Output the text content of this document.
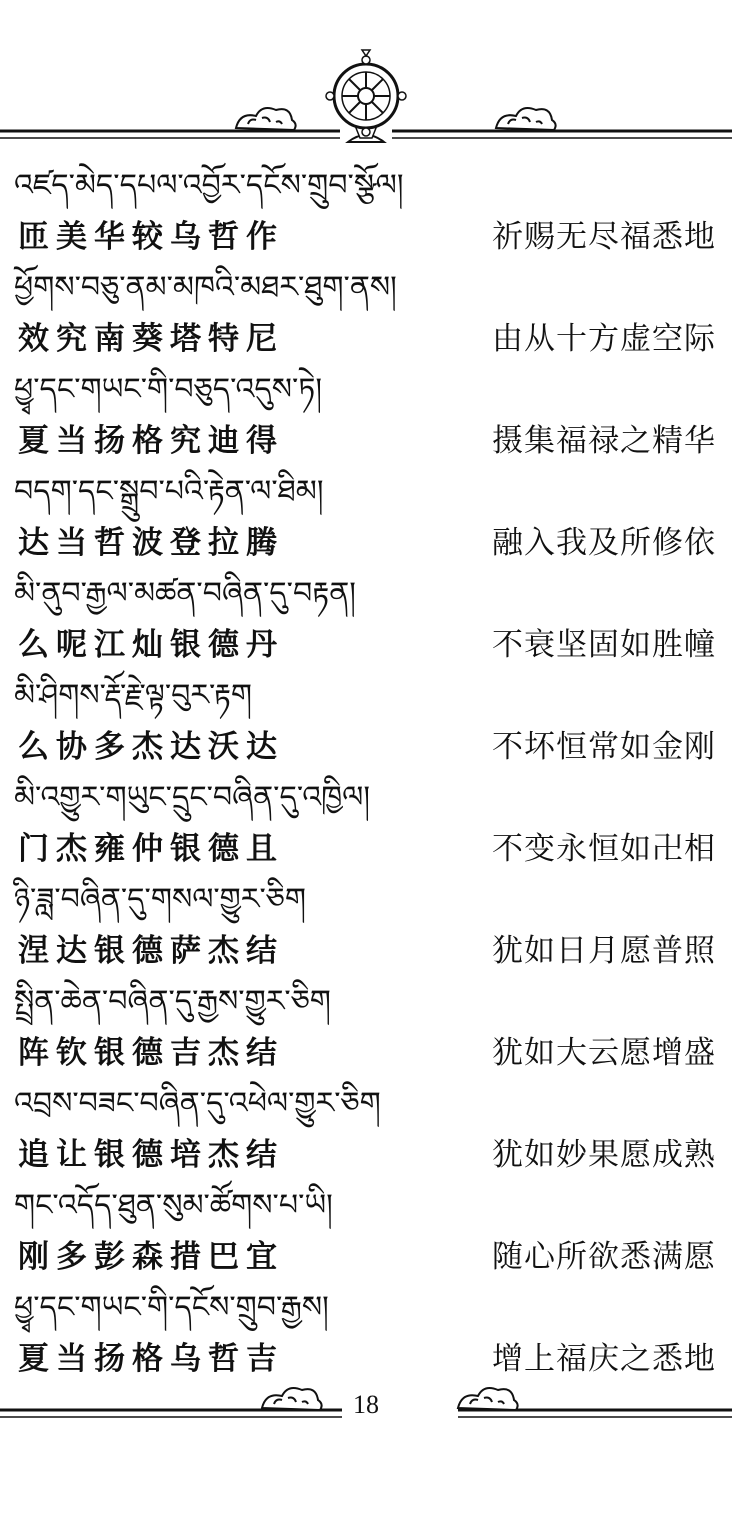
འཛད་མེད་དཔལ་འབྱོར་དངོས་གྲུབ་སྩོལ།
匝美华较乌哲作	祈赐无尽福悉地
ཕྱོགས་བཅུ་ནམ་མཁའི་མཐར་ཐུག་ནས།
效究南葵塔特尼	由从十方虚空际
ཕྱྭ་དང་གཡང་གི་བཅུད་འདུས་ཏེ།
夏当扬格究迪得	摄集福禄之精华
བདག་དང་སྒྲུབ་པའི་རྟེན་ལ་ཐིམ།
达当哲波登拉腾	融入我及所修依
མི་ནུབ་རྒྱལ་མཚན་བཞིན་དུ་བརྟན།
么呢江灿银德丹	不衰坚固如胜幢
མི་ཤིགས་རྡོ་རྗེ་ལྟ་བུར་རྟག
么协多杰达沃达	不坏恒常如金刚
མི་འགྱུར་གཡུང་དྲུང་བཞིན་དུ་འཁྱིལ།
门杰雍仲银德且	不变永恒如卍相
ཉི་ཟླ་བཞིན་དུ་གསལ་གྱུར་ཅིག
涅达银德萨杰结	犹如日月愿普照
སྤྲིན་ཆེན་བཞིན་དུ་རྒྱས་གྱུར་ཅིག
阵钦银德吉杰结	犹如大云愿增盛
འབྲས་བཟང་བཞིན་དུ་འཕེལ་གྱུར་ཅིག
追让银德培杰结	犹如妙果愿成熟
གང་འདོད་ཐུན་སུམ་ཚོགས་པ་ཡི།
刚多彭森措巴宜	随心所欲悉满愿
ཕྱྭ་དང་གཡང་གི་དངོས་གྲུབ་རྒྱས།
夏当扬格乌哲吉	增上福庆之悉地
18
